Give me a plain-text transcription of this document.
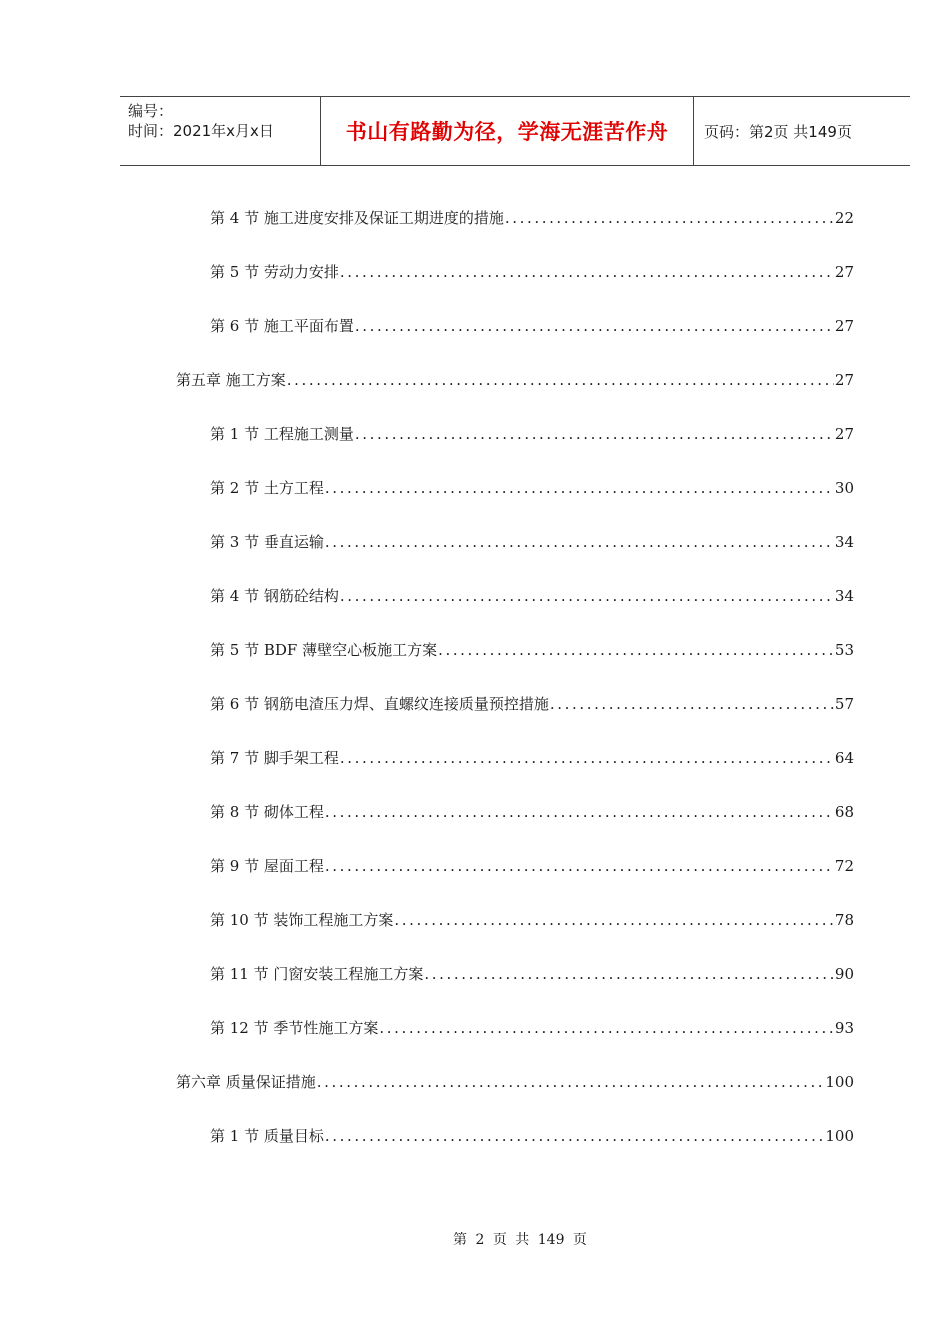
编号：
时间：2021年x月x日	书山有路勤为径，学海无涯苦作舟	页码：第2页 共149页
第 4 节 施工进度安排及保证工期进度的措施 .....	22
第 5 节 劳动力安排 .....	27
第 6 节 施工平面布置 .....	27
第五章 施工方案 .....	27
第 1 节 工程施工测量 .....	27
第 2 节 土方工程 .....	30
第 3 节 垂直运输 .....	34
第 4 节 钢筋砼结构 .....	34
第 5 节 BDF 薄壁空心板施工方案 .....	53
第 6 节 钢筋电渣压力焊、直螺纹连接质量预控措施 .....	57
第 7 节 脚手架工程 .....	64
第 8 节 砌体工程 .....	68
第 9 节 屋面工程 .....	72
第 10 节 装饰工程施工方案 .....	78
第 11 节 门窗安装工程施工方案 .....	90
第 12 节 季节性施工方案 .....	93
第六章 质量保证措施 .....	100
第 1 节 质量目标 .....	100
第 2 页 共 149 页
